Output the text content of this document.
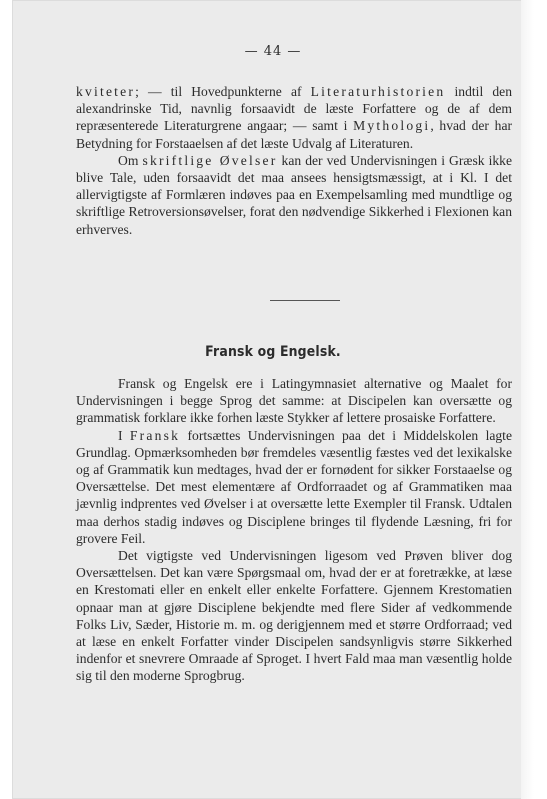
— 44 —

kviteter; — til Hovedpunkterne af Literaturhistorien indtil den alexandrinske Tid, navnlig forsaavidt de læste Forfattere og de af dem repræsenterede Literaturgrene angaar; — samt i Mythologi, hvad der har Betydning for Forstaaelsen af det læste Udvalg af Literaturen.

Om skriftlige Øvelser kan der ved Undervisningen i Græsk ikke blive Tale, uden forsaavidt det maa ansees hensigtsmæssigt, at i Kl. I det allervigtigste af Formlæren indøves paa en Exempelsamling med mundtlige og skriftlige Retroversionsøvelser, forat den nødvendige Sikkerhed i Flexionen kan erhverves.

Fransk og Engelsk.

Fransk og Engelsk ere i Latingymnasiet alternative og Maalet for Undervisningen i begge Sprog det samme: at Discipelen kan oversætte og grammatisk forklare ikke forhen læste Stykker af lettere prosaiske Forfattere.

I Fransk fortsættes Undervisningen paa det i Middelskolen lagte Grundlag. Opmærksomheden bør fremdeles væsentlig fæstes ved det lexikalske og af Grammatik kun medtages, hvad der er fornødent for sikker Forstaaelse og Oversættelse. Det mest elementære af Ordforraadet og af Grammatiken maa jævnlig indprentes ved Øvelser i at oversætte lette Exempler til Fransk. Udtalen maa derhos stadig indøves og Disciplene bringes til flydende Læsning, fri for grovere Feil.

Det vigtigste ved Undervisningen ligesom ved Prøven bliver dog Oversættelsen. Det kan være Spørgsmaal om, hvad der er at foretrække, at læse en Krestomati eller en enkelt eller enkelte Forfattere. Gjennem Krestomatien opnaar man at gjøre Disciplene bekjendte med flere Sider af vedkommende Folks Liv, Sæder, Historie m. m. og derigjennem med et større Ordforraad; ved at læse en enkelt Forfatter vinder Discipelen sandsynligvis større Sikkerhed indenfor et snevrere Omraade af Sproget. I hvert Fald maa man væsentlig holde sig til den moderne Sprogbrug.
